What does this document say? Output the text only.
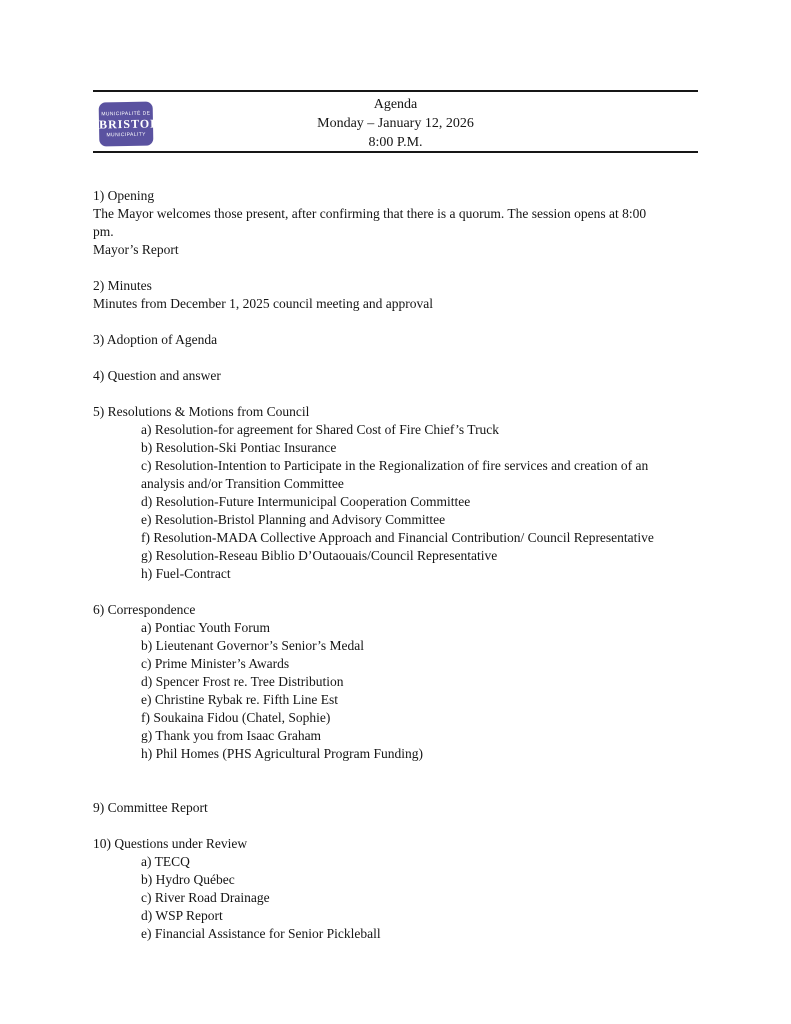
MUNICIPALITÉ DE
BRISTOL
MUNICIPALITY
Agenda
Monday – January 12, 2026
8:00 P.M.
1) Opening
The Mayor welcomes those present, after confirming that there is a quorum. The session opens at 8:00
pm.
Mayor’s Report
2) Minutes
Minutes from December 1, 2025 council meeting and approval
3) Adoption of Agenda
4) Question and answer
5) Resolutions & Motions from Council
a) Resolution-for agreement for Shared Cost of Fire Chief’s Truck
b) Resolution-Ski Pontiac Insurance
c) Resolution-Intention to Participate in the Regionalization of fire services and creation of an
analysis and/or Transition Committee
d) Resolution-Future Intermunicipal Cooperation Committee
e) Resolution-Bristol Planning and Advisory Committee
f) Resolution-MADA Collective Approach and Financial Contribution/ Council Representative
g) Resolution-Reseau Biblio D’Outaouais/Council Representative
h) Fuel-Contract
6) Correspondence
a) Pontiac Youth Forum
b) Lieutenant Governor’s Senior’s Medal
c) Prime Minister’s Awards
d) Spencer Frost re. Tree Distribution
e) Christine Rybak re. Fifth Line Est
f) Soukaina Fidou (Chatel, Sophie)
g) Thank you from Isaac Graham
h) Phil Homes (PHS Agricultural Program Funding)
9) Committee Report
10) Questions under Review
a) TECQ
b) Hydro Québec
c) River Road Drainage
d) WSP Report
e) Financial Assistance for Senior Pickleball
